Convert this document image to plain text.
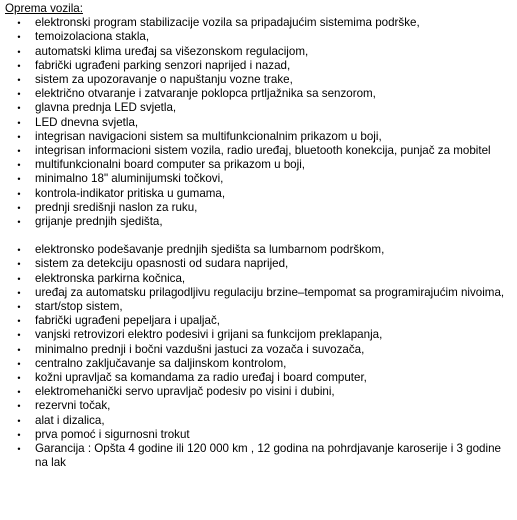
Oprema vozila:

• elektronski program stabilizacije vozila sa pripadajućim sistemima podrške,
• temoizolaciona stakla,
• automatski klima uređaj sa višezonskom regulacijom,
• fabrički ugrađeni parking senzori naprijed i nazad,
• sistem za upozoravanje o napuštanju vozne trake,
• električno otvaranje i zatvaranje poklopca prtljažnika sa senzorom,
• glavna prednja LED svjetla,
• LED dnevna svjetla,
• integrisan navigacioni sistem sa multifunkcionalnim prikazom u boji,
• integrisan informacioni sistem vozila, radio uređaj, bluetooth konekcija, punjač za mobitel
• multifunkcionalni board computer sa prikazom u boji,
• minimalno 18" aluminijumski točkovi,
• kontrola-indikator pritiska u gumama,
• prednji središnji naslon za ruku,
• grijanje prednjih sjedišta,
• elektronsko podešavanje prednjih sjedišta sa lumbarnom podrškom,
• sistem za detekciju opasnosti od sudara naprijed,
• elektronska parkirna kočnica,
• uređaj za automatsku prilagodljivu regulaciju brzine–tempomat sa programirajućim nivoima,
• start/stop sistem,
• fabrički ugrađeni pepeljara i upaljač,
• vanjski retrovizori elektro podesivi i grijani sa funkcijom preklapanja,
• minimalno prednji i bočni vazdušni jastuci za vozača i suvozača,
• centralno zaključavanje sa daljinskom kontrolom,
• kožni upravljač sa komandama za radio uređaj i board computer,
• elektromehanički servo upravljač podesiv po visini i dubini,
• rezervni točak,
• alat i dizalica,
• prva pomoć i sigurnosni trokut
• Garancija : Opšta 4 godine ili 120 000 km , 12 godina na pohrdjavanje karoserije i 3 godine na lak
